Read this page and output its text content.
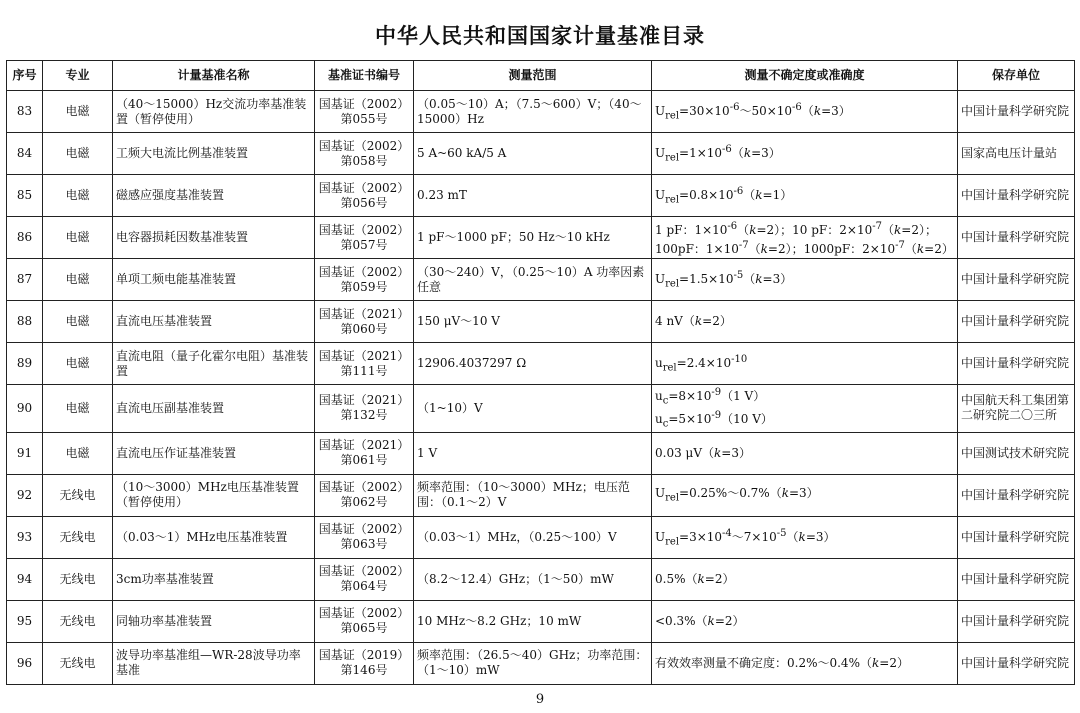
中华人民共和国国家计量基准目录
序号	专业	计量基准名称	基准证书编号	测量范围	测量不确定度或准确度	保存单位
83	电磁	（40～15000）Hz交流功率基准装置（暂停使用）	国基证（2002）第055号	（0.05～10）A；（7.5～600）V；（40～15000）Hz	$U_{rel}=30\times 10^{-6}\sim 50\times 10^{-6}(k=3)$	中国计量科学研究院
84	电磁	工频大电流比例基准装置	国基证（2002）第058号	5 A~60 kA/5 A	$U_{rel}=1\times 10^{-6}(k=3)$	国家高电压计量站
85	电磁	磁感应强度基准装置	国基证（2002）第056号	0.23 mT	$U_{rel}=0.8\times 10^{-6}(k=1)$	中国计量科学研究院
86	电磁	电容器损耗因数基准装置	国基证（2002）第057号	1 pF～1000 pF；50 Hz～10 kHz	1 pF：$1\times 10^{-6}(k=2)$；10 pF：$2\times 10^{-7}(k=2)$；100pF：$1\times 10^{-7}(k=2)$；1000pF：$2\times 10^{-7}(k=2)$	中国计量科学研究院
87	电磁	单项工频电能基准装置	国基证（2002）第059号	（30～240）V，（0.25～10）A 功率因素任意	$U_{rel}=1.5\times 10^{-5}(k=3)$	中国计量科学研究院
88	电磁	直流电压基准装置	国基证（2021）第060号	150 μV～10 V	4 nV（k=2）	中国计量科学研究院
89	电磁	直流电阻（量子化霍尔电阻）基准装置	国基证（2021）第111号	12906.4037297 Ω	$u_{rel}=2.4\times 10^{-10}$	中国计量科学研究院
90	电磁	直流电压副基准装置	国基证（2021）第132号	（1~10）V	$u_c=8\times 10^{-9}(1$ V）
$u_c=5\times 10^{-9}(10$ V）	中国航天科工集团第二研究院二〇三所
91	电磁	直流电压作证基准装置	国基证（2021）第061号	1 V	0.03 μV（k=3）	中国测试技术研究院
92	无线电	（10～3000）MHz电压基准装置（暂停使用）	国基证（2002）第062号	频率范围：（10～3000）MHz；电压范围：（0.1～2）V	$U_{rel}=0.25\%\sim 0.7\%(k=3)$	中国计量科学研究院
93	无线电	（0.03～1）MHz电压基准装置	国基证（2002）第063号	（0.03～1）MHz，（0.25～100）V	$U_{rel}=3\times 10^{-4}\sim 7\times 10^{-5}(k=3)$	中国计量科学研究院
94	无线电	3cm功率基准装置	国基证（2002）第064号	（8.2～12.4）GHz；（1～50）mW	0.5%（k=2）	中国计量科学研究院
95	无线电	同轴功率基准装置	国基证（2002）第065号	10 MHz～8.2 GHz；10 mW	<0.3%（k=2）	中国计量科学研究院
96	无线电	波导功率基准组—WR-28波导功率基准	国基证（2019）第146号	频率范围：（26.5～40）GHz；功率范围：（1～10）mW	有效效率测量不确定度：0.2%～0.4%（k=2）	中国计量科学研究院
9
